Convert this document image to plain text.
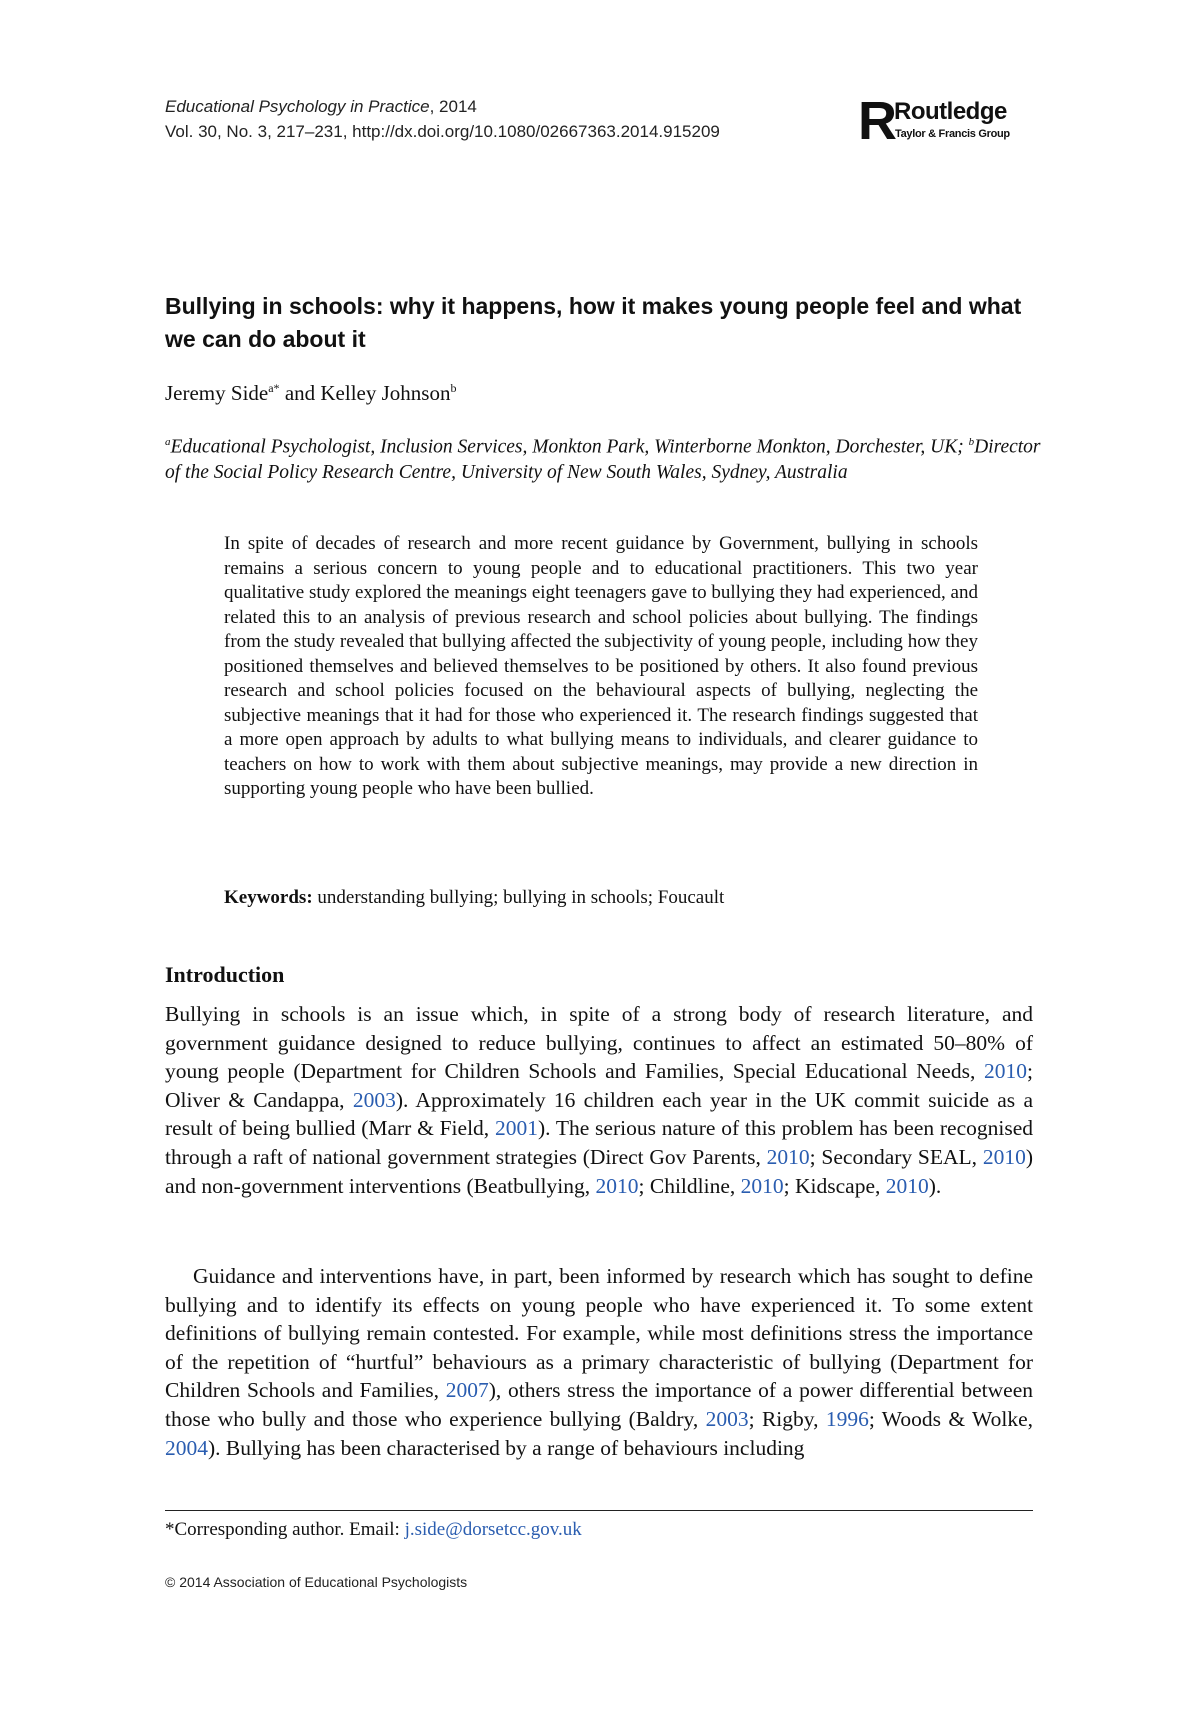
Educational Psychology in Practice, 2014
Vol. 30, No. 3, 217–231, http://dx.doi.org/10.1080/02667363.2014.915209	R Routledge
Taylor & Francis Group
Bullying in schools: why it happens, how it makes young people feel and what we can do about it
Jeremy Side$^{a*}$ and Kelley Johnson$^b$
$^a$Educational Psychologist, Inclusion Services, Monkton Park, Winterborne Monkton, Dorchester, UK; $^b$Director of the Social Policy Research Centre, University of New South Wales, Sydney, Australia

In spite of decades of research and more recent guidance by Government, bullying in schools remains a serious concern to young people and to educational practitioners. This two year qualitative study explored the meanings eight teenagers gave to bullying they had experienced, and related this to an analysis of previous research and school policies about bullying. The findings from the study revealed that bullying affected the subjectivity of young people, including how they positioned themselves and believed themselves to be positioned by others. It also found previous research and school policies focused on the behavioural aspects of bullying, neglecting the subjective meanings that it had for those who experienced it. The research findings suggested that a more open approach by adults to what bullying means to individuals, and clearer guidance to teachers on how to work with them about subjective meanings, may provide a new direction in supporting young people who have been bullied.

Keywords: understanding bullying; bullying in schools; Foucault
Introduction

Bullying in schools is an issue which, in spite of a strong body of research literature, and government guidance designed to reduce bullying, continues to affect an estimated 50–80% of young people (Department for Children Schools and Families, Special Educational Needs, 2010; Oliver & Candappa, 2003). Approximately 16 children each year in the UK commit suicide as a result of being bullied (Marr & Field, 2001). The serious nature of this problem has been recognised through a raft of national government strategies (Direct Gov Parents, 2010; Secondary SEAL, 2010) and non-government interventions (Beatbullying, 2010; Childline, 2010; Kidscape, 2010).

Guidance and interventions have, in part, been informed by research which has sought to define bullying and to identify its effects on young people who have experienced it. To some extent definitions of bullying remain contested. For example, while most definitions stress the importance of the repetition of “hurtful” behaviours as a primary characteristic of bullying (Department for Children Schools and Families, 2007), others stress the importance of a power differential between those who bully and those who experience bullying (Baldry, 2003; Rigby, 1996; Woods & Wolke, 2004). Bullying has been characterised by a range of behaviours including

*Corresponding author. Email: j.side@dorsetcc.gov.uk
© 2014 Association of Educational Psychologists
